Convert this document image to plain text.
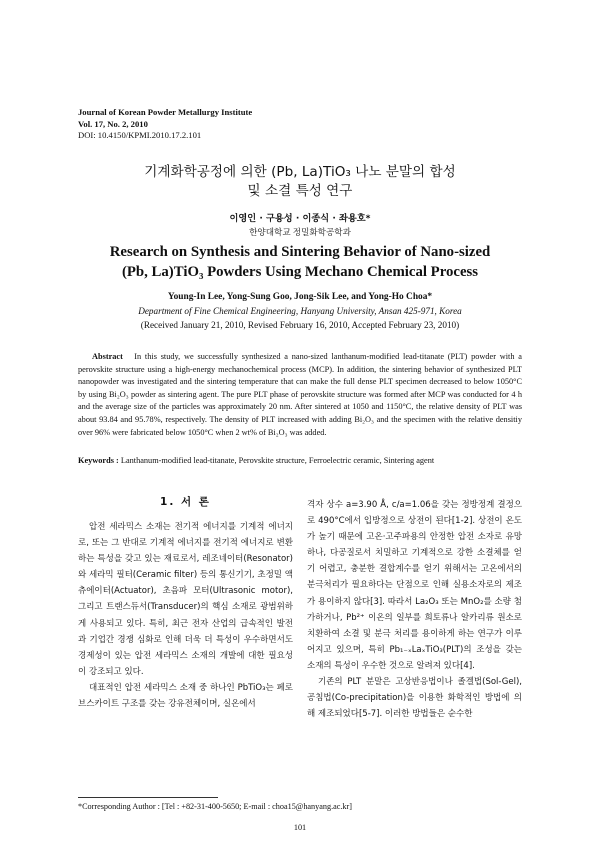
Journal of Korean Powder Metallurgy Institute
Vol. 17, No. 2, 2010
DOI: 10.4150/KPMI.2010.17.2.101
기계화학공정에 의한 (Pb, La)TiO₃ 나노 분말의 합성
및 소결 특성 연구
이영인 · 구용성 · 이종식 · 좌용호*
한양대학교 정밀화학공학과
Research on Synthesis and Sintering Behavior of Nano-sized
(Pb, La)TiO₃ Powders Using Mechano Chemical Process
Young-In Lee, Yong-Sung Goo, Jong-Sik Lee, and Yong-Ho Choa*
Department of Fine Chemical Engineering, Hanyang University, Ansan 425-971, Korea
(Received January 21, 2010, Revised February 16, 2010, Accepted February 23, 2010)
Abstract In this study, we successfully synthesized a nano-sized lanthanum-modified lead-titanate (PLT) powder with a perovskite structure using a high-energy mechanochemical process (MCP). In addition, the sintering behavior of synthesized PLT nanopowder was investigated and the sintering temperature that can make the full dense PLT specimen decreased to below 1050°C by using Bi₂O₃ powder as sintering agent. The pure PLT phase of perovskite structure was formed after MCP was conducted for 4 h and the average size of the particles was approximately 20 nm. After sintered at 1050 and 1150°C, the relative density of PLT was about 93.84 and 95.78%, respectively. The density of PLT increased with adding Bi₂O₃ and the specimen with the relative densitiy over 96% were fabricated below 1050°C when 2 wt% of Bi₂O₃ was added.
Keywords : Lanthanum-modified lead-titanate, Perovskite structure, Ferroelectric ceramic, Sintering agent
1. 서 론

압전 세라믹스 소재는 전기적 에너지를 기계적 에너지로, 또는 그 반대로 기계적 에너지를 전기적 에너지로 변환하는 특성을 갖고 있는 재료로서, 레조네이터(Resonator)와 세라믹 필터(Ceramic filter) 등의 통신기기, 초정밀 액츄에이터(Actuator), 초음파 모터(Ultrasonic motor), 그리고 트랜스듀서(Transducer)의 핵심 소재로 광범위하게 사용되고 있다. 특히, 최근 전자 산업의 급속적인 발전과 기업간 경쟁 심화로 인해 더욱 더 특성이 우수하면서도 경제성이 있는 압전 세라믹스 소재의 개발에 대한 필요성이 강조되고 있다.

대표적인 압전 세라믹스 소재 중 하나인 PbTiO₃는 페로브스카이트 구조를 갖는 강유전체이며, 실온에서

격자 상수 a=3.90 Å, c/a=1.06을 갖는 정방정계 결정으로 490°C에서 입방정으로 상전이 된다[1-2]. 상전이 온도가 높기 때문에 고온·고주파용의 안정한 압전 소자로 유망하나, 다공질로서 치밀하고 기계적으로 강한 소결체를 얻기 어렵고, 충분한 결합계수를 얻기 위해서는 고온에서의 분극처리가 필요하다는 단점으로 인해 실용소자로의 제조가 용이하지 않다[3]. 따라서 La₂O₃ 또는 MnO₂를 소량 첨가하거나, Pb²⁺ 이온의 일부를 희토류나 알카리류 원소로 치환하여 소결 및 분극 처리를 용이하게 하는 연구가 이루어지고 있으며, 특히 Pb₁₋ₓLaₓTiO₃(PLT)의 조성을 갖는 소재의 특성이 우수한 것으로 알려져 있다[4].

기존의 PLT 분말은 고상반응법이나 졸겔법(Sol-Gel), 공침법(Co-precipitation)을 이용한 화학적인 방법에 의해 제조되었다[5-7]. 이러한 방법들은 순수한

*Corresponding Author : [Tel : +82-31-400-5650; E-mail : choa15@hanyang.ac.kr]
101
